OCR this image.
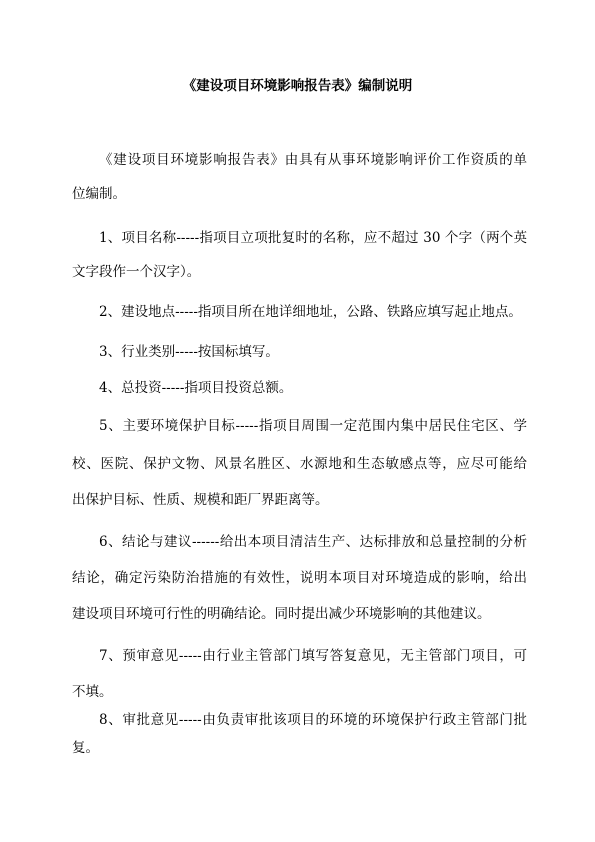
《建设项目环境影响报告表》编制说明
《建设项目环境影响报告表》由具有从事环境影响评价工作资质的单
位编制。
1、项目名称-----指项目立项批复时的名称，应不超过 30 个字（两个英
文字段作一个汉字）。
2、建设地点-----指项目所在地详细地址，公路、铁路应填写起止地点。
3、行业类别-----按国标填写。
4、总投资-----指项目投资总额。
5、主要环境保护目标-----指项目周围一定范围内集中居民住宅区、学
校、医院、保护文物、风景名胜区、水源地和生态敏感点等，应尽可能给
出保护目标、性质、规模和距厂界距离等。
6、结论与建议------给出本项目清洁生产、达标排放和总量控制的分析
结论，确定污染防治措施的有效性，说明本项目对环境造成的影响，给出
建设项目环境可行性的明确结论。同时提出减少环境影响的其他建议。
7、预审意见-----由行业主管部门填写答复意见，无主管部门项目，可
不填。
8、审批意见-----由负责审批该项目的环境的环境保护行政主管部门批
复。
